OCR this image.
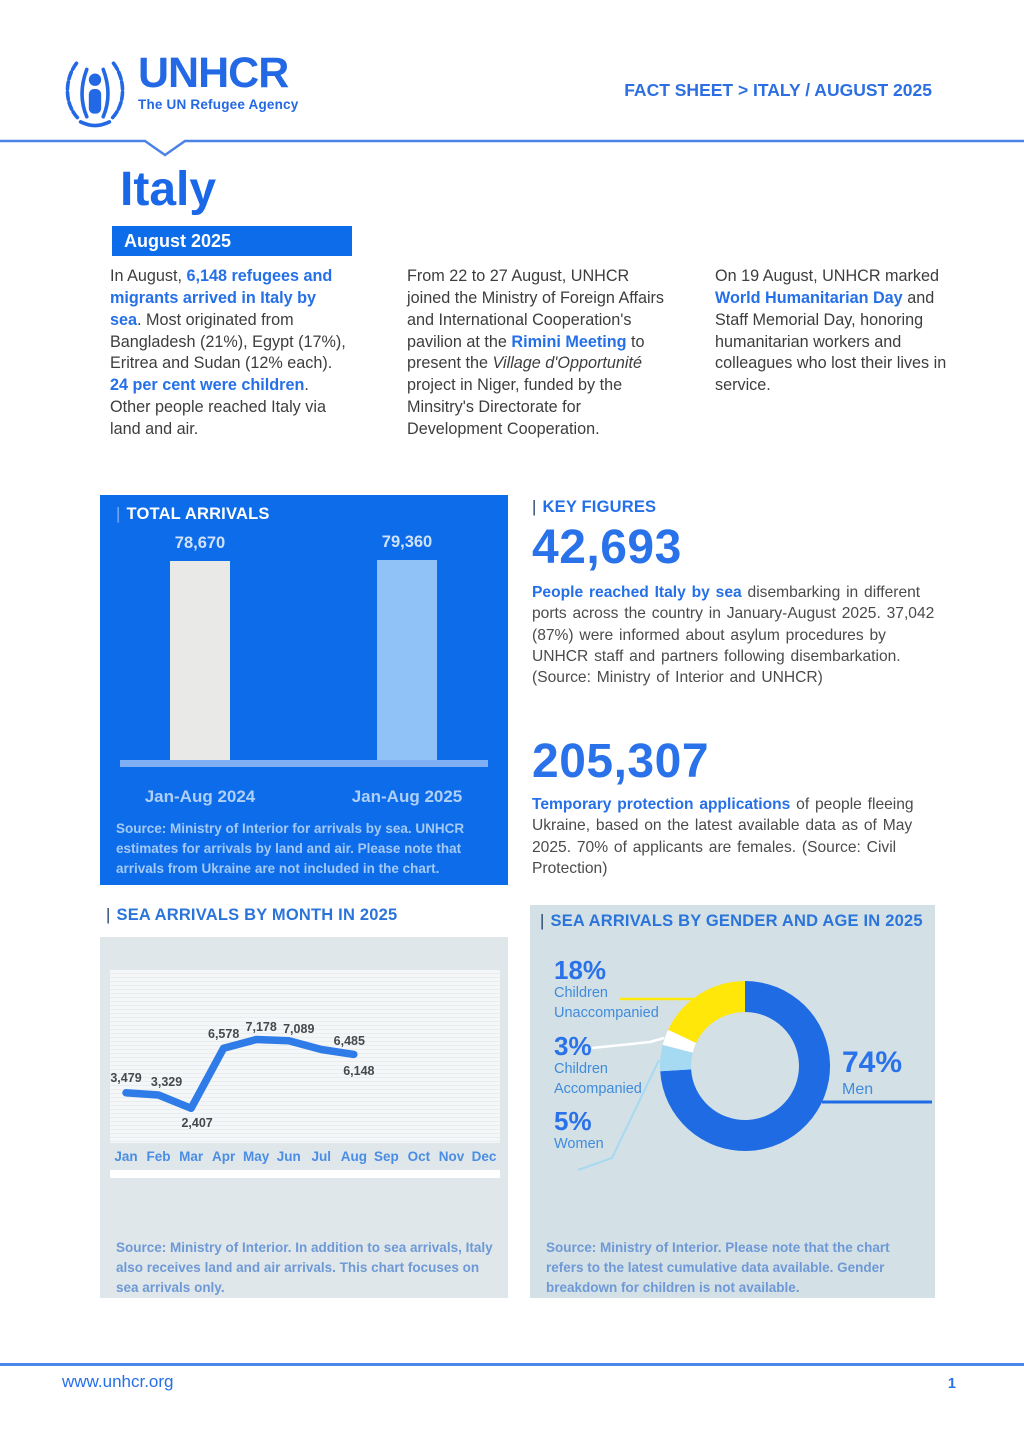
UNHCR
The UN Refugee Agency
FACT SHEET > ITALY / AUGUST 2025
Italy
August 2025

In August, 6,148 refugees and migrants arrived in Italy by sea. Most originated from Bangladesh (21%), Egypt (17%), Eritrea and Sudan (12% each). 24 per cent were children. Other people reached Italy via land and air.

From 22 to 27 August, UNHCR joined the Ministry of Foreign Affairs and International Cooperation's pavilion at the Rimini Meeting to present the Village d'Opportunité project in Niger, funded by the Minsitry's Directorate for Development Cooperation.

On 19 August, UNHCR marked World Humanitarian Day and Staff Memorial Day, honoring humanitarian workers and colleagues who lost their lives in service.

| TOTAL ARRIVALS
Source: Ministry of Interior for arrivals by sea. UNHCR estimates for arrivals by land and air. Please note that arrivals from Ukraine are not included in the chart.
78,670
Jan-Aug 2024
79,360
Jan-Aug 2025
| KEY FIGURES
42,693

People reached Italy by sea disembarking in different ports across the country in January-August 2025. 37,042 (87%) were informed about asylum procedures by UNHCR staff and partners following disembarkation. (Source: Ministry of Interior and UNHCR)

205,307

Temporary protection applications of people fleeing Ukraine, based on the latest available data as of May 2025. 70% of applicants are females. (Source: Civil Protection)

| SEA ARRIVALS BY MONTH IN 2025
3,479 3,329
2,407
6,578
7,178 7,089
6,485
6,148
Source: Ministry of Interior. In addition to sea arrivals, Italy also receives land and air arrivals. This chart focuses on sea arrivals only.
Jan Feb Mar Apr May Jun Jul Aug Sep Oct Nov Dec
| SEA ARRIVALS BY GENDER AND AGE IN 2025
18%
Children
Unaccompanied
3%
Children
Accompanied
5%
Women
74%
Men
Source: Ministry of Interior. Please note that the chart refers to the latest cumulative data available. Gender breakdown for children is not available.
www.unhcr.org	1
